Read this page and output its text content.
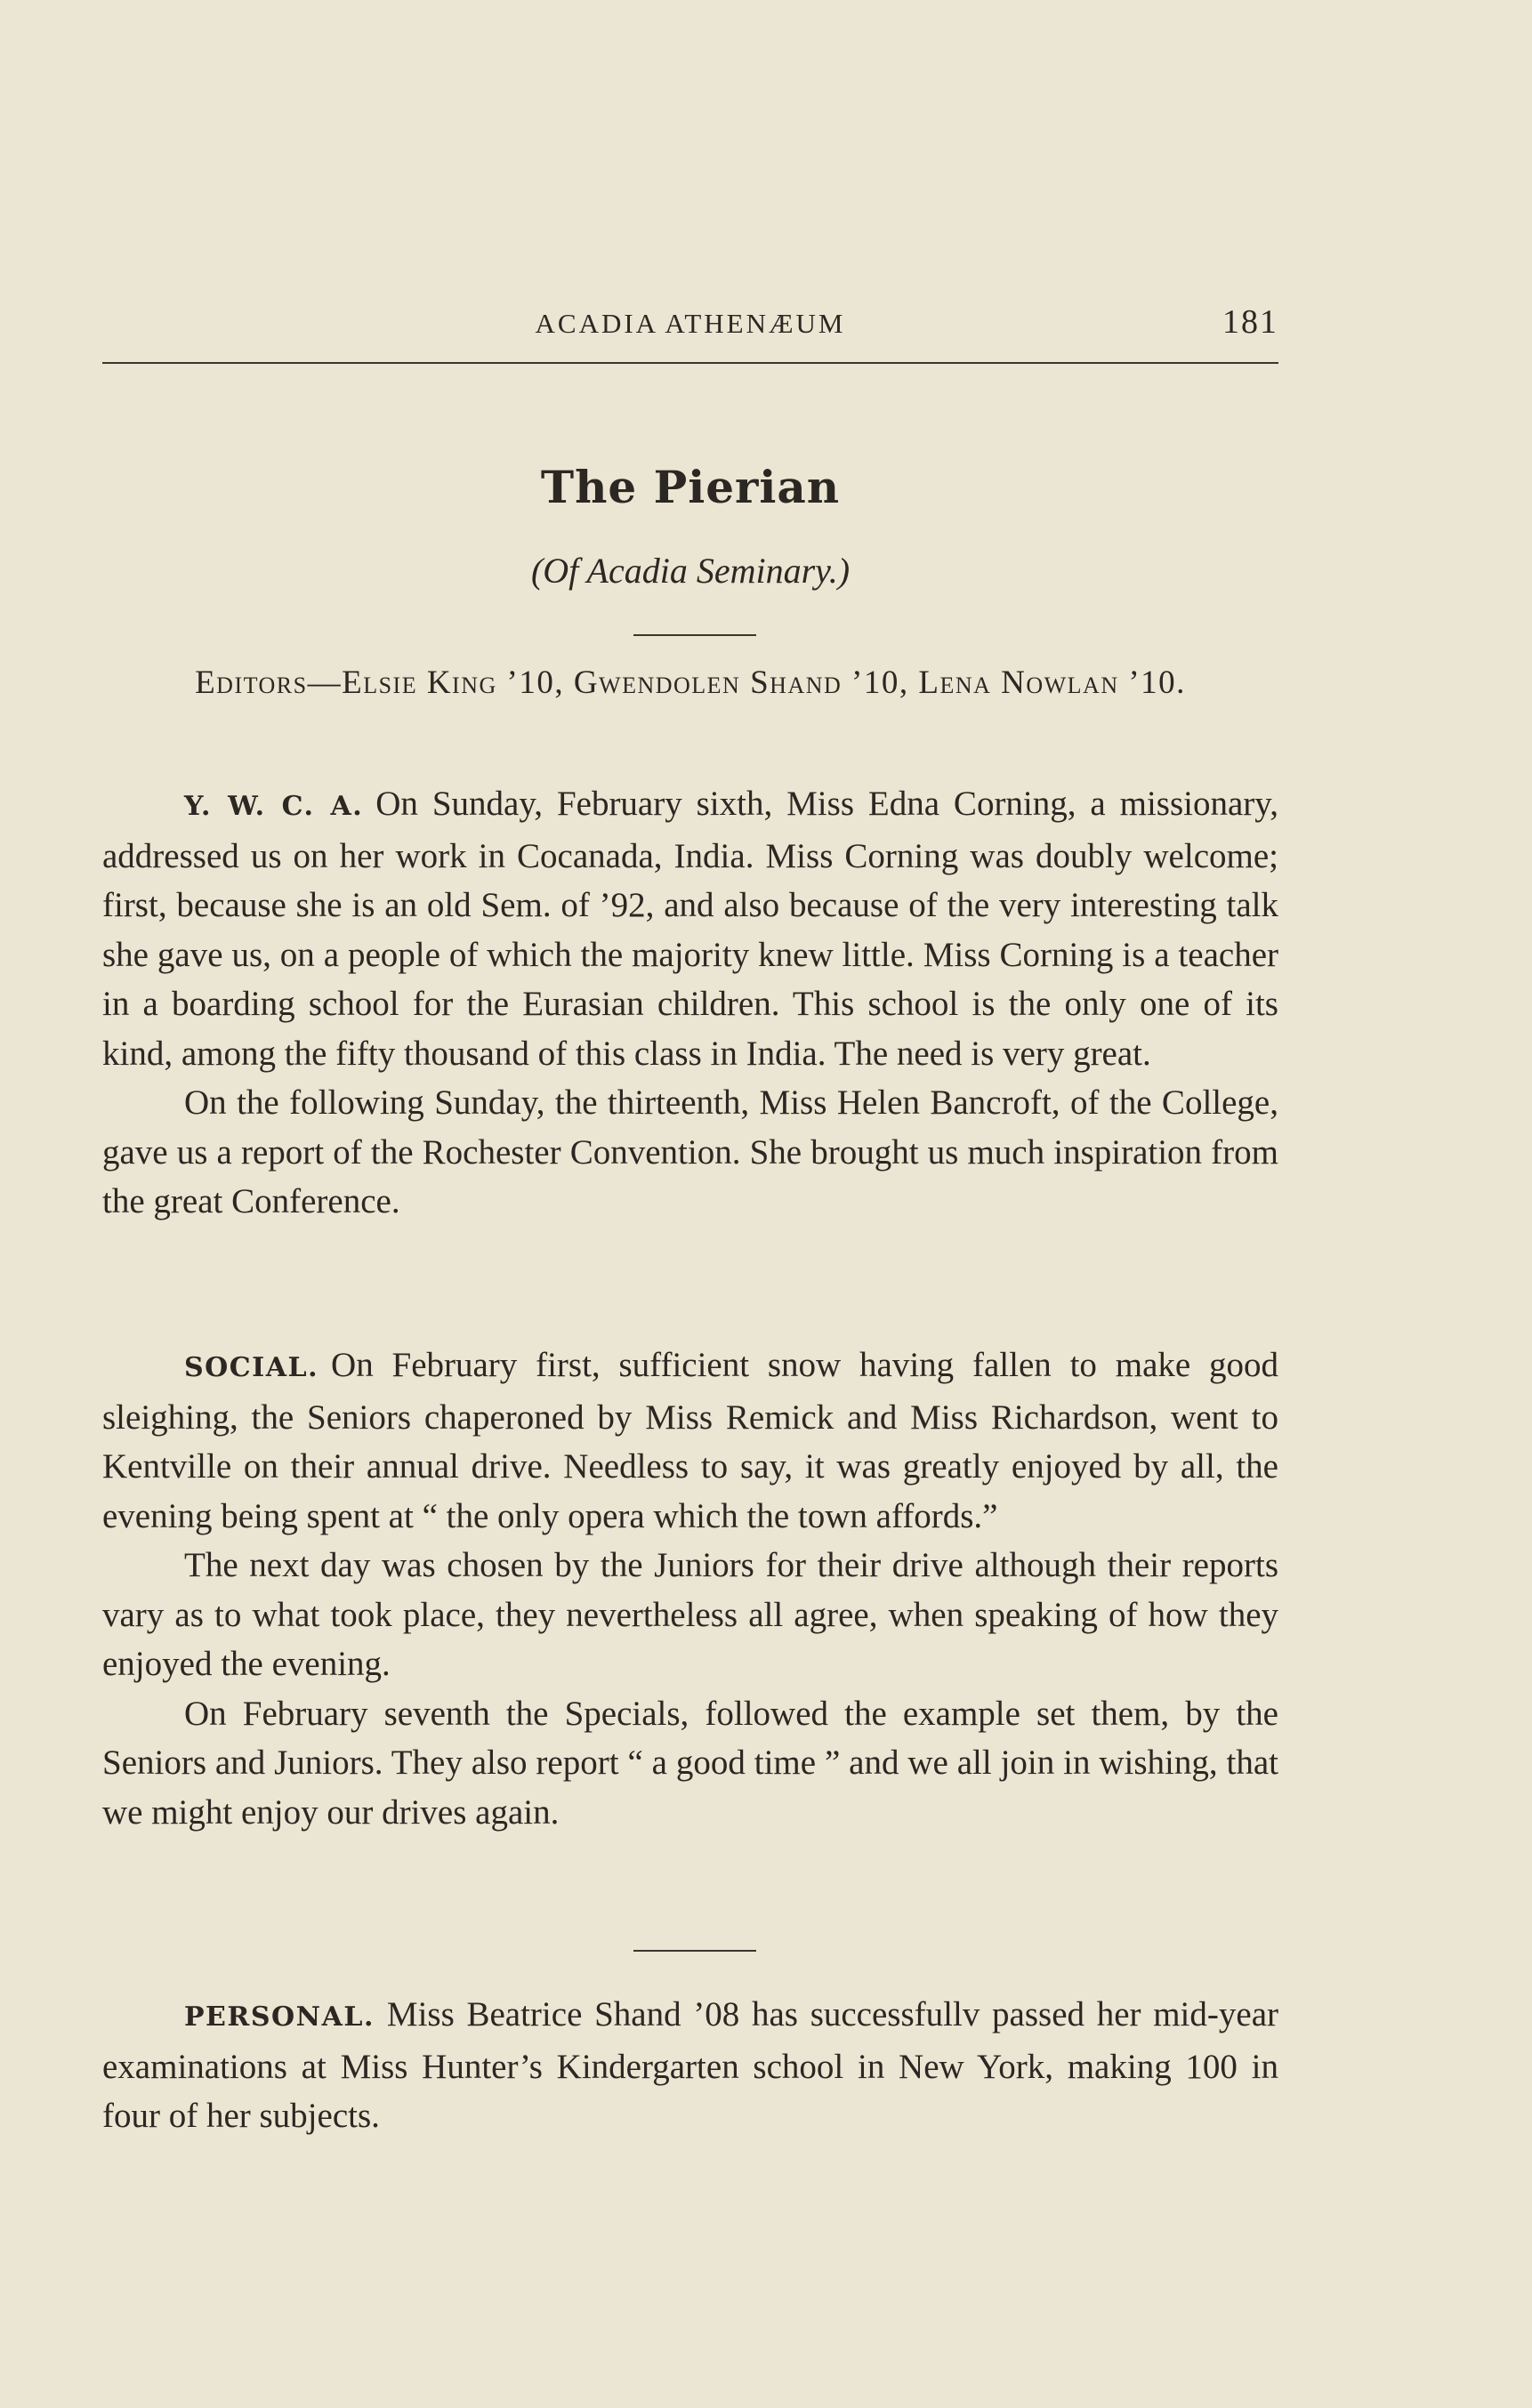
ACADIA ATHENÆUM	181
The Pierian
(Of Acadia Seminary.)
Editors—Elsie King ’10, Gwendolen Shand ’10, Lena Nowlan ’10.

Y. W. C. A. On Sunday, February sixth, Miss Edna Corning, a missionary, addressed us on her work in Cocanada, India. Miss Corning was doubly welcome; first, because she is an old Sem. of ’92, and also because of the very interesting talk she gave us, on a people of which the majority knew little. Miss Corning is a teacher in a boarding school for the Eurasian children. This school is the only one of its kind, among the fifty thousand of this class in India. The need is very great.

On the following Sunday, the thirteenth, Miss Helen Bancroft, of the College, gave us a report of the Rochester Convention. She brought us much inspiration from the great Conference.

SOCIAL. On February first, sufficient snow having fallen to make good sleighing, the Seniors chaperoned by Miss Remick and Miss Richardson, went to Kentville on their annual drive. Needless to say, it was greatly enjoyed by all, the evening being spent at “ the only opera which the town affords.”

The next day was chosen by the Juniors for their drive although their reports vary as to what took place, they nevertheless all agree, when speaking of how they enjoyed the evening.

On February seventh the Specials, followed the example set them, by the Seniors and Juniors. They also report “ a good time ” and we all join in wishing, that we might enjoy our drives again.

PERSONAL. Miss Beatrice Shand ’08 has successfullv passed her mid-year examinations at Miss Hunter’s Kindergarten school in New York, making 100 in four of her subjects.
